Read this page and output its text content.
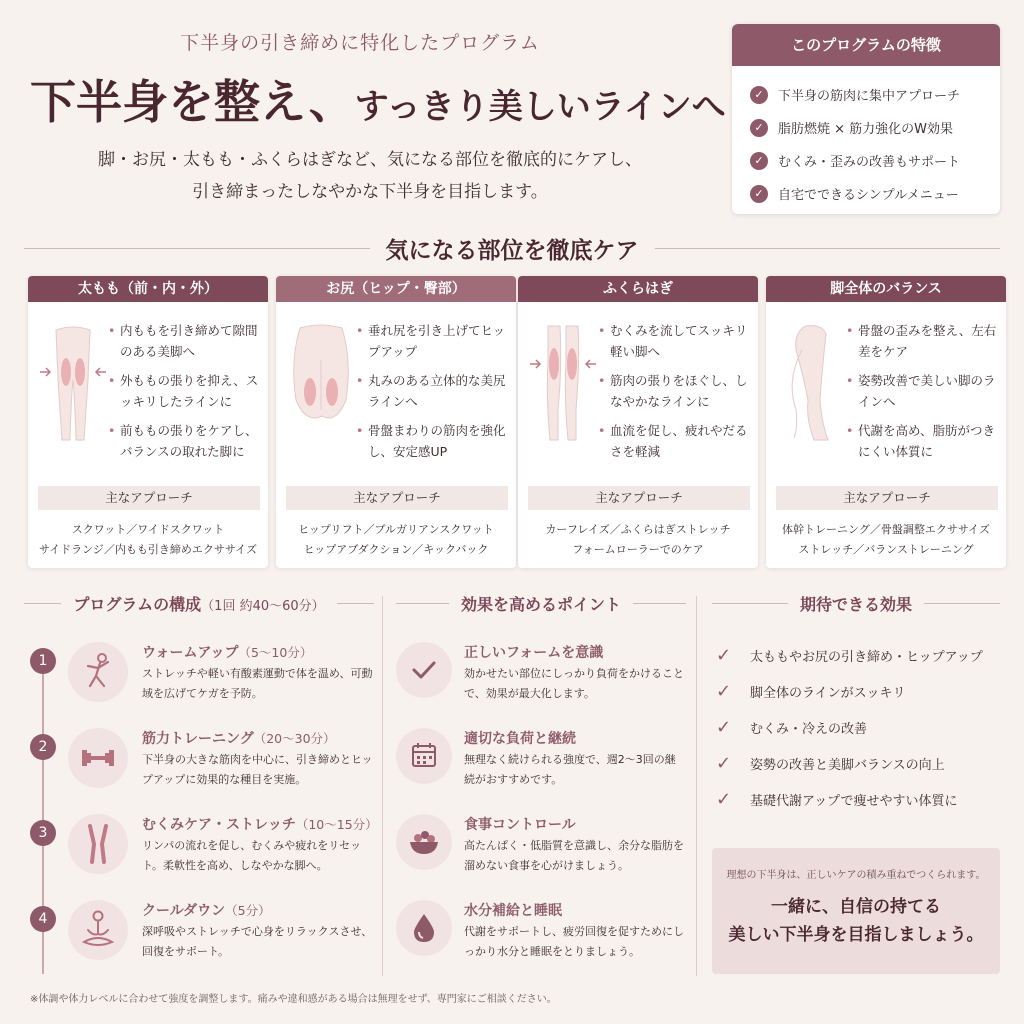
下半身の引き締めに特化したプログラム
下半身を整え、すっきり美しいラインへ
脚・お尻・太もも・ふくらはぎなど、気になる部位を徹底的にケアし、
引き締まったしなやかな下半身を目指します。
このプログラムの特徴
✓	下半身の筋肉に集中アプローチ
✓	脂肪燃焼 × 筋力強化のW効果
✓	むくみ・歪みの改善もサポート
✓	自宅でできるシンプルメニュー
気になる部位を徹底ケア
太もも（前・内・外）
• 内ももを引き締めて隙間のある美脚へ
• 外ももの張りを抑え、スッキリしたラインに
• 前ももの張りをケアし、バランスの取れた脚に
主なアプローチ
スクワット／ワイドスクワット
サイドランジ／内もも引き締めエクササイズ
お尻（ヒップ・臀部）
• 垂れ尻を引き上げてヒップアップ
• 丸みのある立体的な美尻ラインへ
• 骨盤まわりの筋肉を強化し、安定感UP
主なアプローチ
ヒップリフト／ブルガリアンスクワット
ヒップアブダクション／キックバック
ふくらはぎ
• むくみを流してスッキリ軽い脚へ
• 筋肉の張りをほぐし、しなやかなラインに
• 血流を促し、疲れやだるさを軽減
主なアプローチ
カーフレイズ／ふくらはぎストレッチ
フォームローラーでのケア
脚全体のバランス
• 骨盤の歪みを整え、左右差をケア
• 姿勢改善で美しい脚のラインへ
• 代謝を高め、脂肪がつきにくい体質に
主なアプローチ
体幹トレーニング／骨盤調整エクササイズ
ストレッチ／バランストレーニング
プログラムの構成（1回 約40〜60分）	効果を高めるポイント	期待できる効果
1	ウォームアップ（5〜10分）
ストレッチや軽い有酸素運動で体を温め、可動域を広げてケガを予防。
2	筋力トレーニング（20〜30分）
下半身の大きな筋肉を中心に、引き締めとヒップアップに効果的な種目を実施。
3	むくみケア・ストレッチ（10〜15分）
リンパの流れを促し、むくみや疲れをリセット。柔軟性を高め、しなやかな脚へ。
4	クールダウン（5分）
深呼吸やストレッチで心身をリラックスさせ、回復をサポート。
正しいフォームを意識
効かせたい部位にしっかり負荷をかけることで、効果が最大化します。
適切な負荷と継続
無理なく続けられる強度で、週2〜3回の継続がおすすめです。
食事コントロール
高たんぱく・低脂質を意識し、余分な脂肪を溜めない食事を心がけましょう。
水分補給と睡眠
代謝をサポートし、疲労回復を促すためにしっかり水分と睡眠をとりましょう。
✓	太ももやお尻の引き締め・ヒップアップ
✓	脚全体のラインがスッキリ
✓	むくみ・冷えの改善
✓	姿勢の改善と美脚バランスの向上
✓	基礎代謝アップで痩せやすい体質に
理想の下半身は、正しいケアの積み重ねでつくられます。
一緒に、自信の持てる
美しい下半身を目指しましょう。
※体調や体力レベルに合わせて強度を調整します。痛みや違和感がある場合は無理をせず、専門家にご相談ください。
